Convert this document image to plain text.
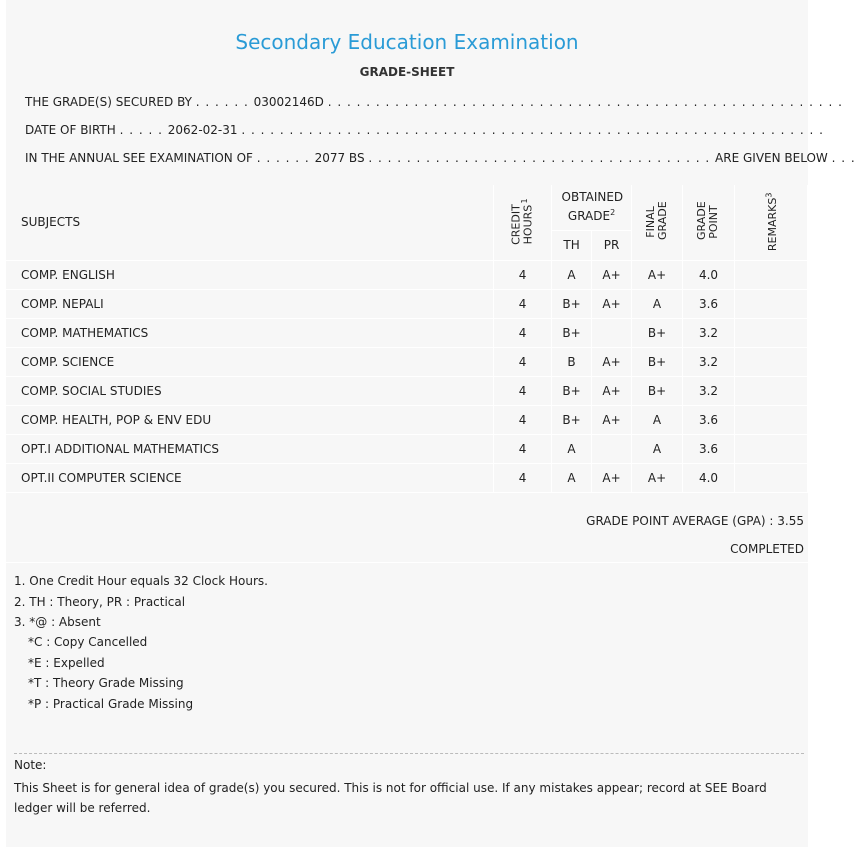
Secondary Education Examination
GRADE-SHEET
THE GRADE(S) SECURED BY . . . . . . 03002146D . . . . . . . . . . . . . . . . . . . . . . . . . . . . . . . . . . . . . . . . . . . . . . . . . . . . . .
DATE OF BIRTH . . . . . 2062-02-31 . . . . . . . . . . . . . . . . . . . . . . . . . . . . . . . . . . . . . . . . . . . . . . . . . . . . . . . . . . . . .
IN THE ANNUAL SEE EXAMINATION OF . . . . . . 2077 BS . . . . . . . . . . . . . . . . . . . . . . . . . . . . . . . . . . . . ARE GIVEN BELOW . . .
SUBJECTS	CREDIT HOURS$^1$	OBTAINED GRADE$^2$		FINAL GRADE	GRADE POINT	REMARKS$^3$
		TH	PR			
COMP. ENGLISH	4	A	A+	A+	4.0	
COMP. NEPALI	4	B+	A+	A	3.6	
COMP. MATHEMATICS	4	B+		B+	3.2	
COMP. SCIENCE	4	B	A+	B+	3.2	
COMP. SOCIAL STUDIES	4	B+	A+	B+	3.2	
COMP. HEALTH, POP & ENV EDU	4	B+	A+	A	3.6	
OPT.I ADDITIONAL MATHEMATICS	4	A		A	3.6	
OPT.II COMPUTER SCIENCE	4	A	A+	A+	4.0	
GRADE POINT AVERAGE (GPA) : 3.55
COMPLETED
1. One Credit Hour equals 32 Clock Hours.
2. TH : Theory, PR : Practical
3. *@ : Absent
*C : Copy Cancelled
*E : Expelled
*T : Theory Grade Missing
*P : Practical Grade Missing
Note:
This Sheet is for general idea of grade(s) you secured. This is not for official use. If any mistakes appear; record at SEE Board ledger will be referred.
